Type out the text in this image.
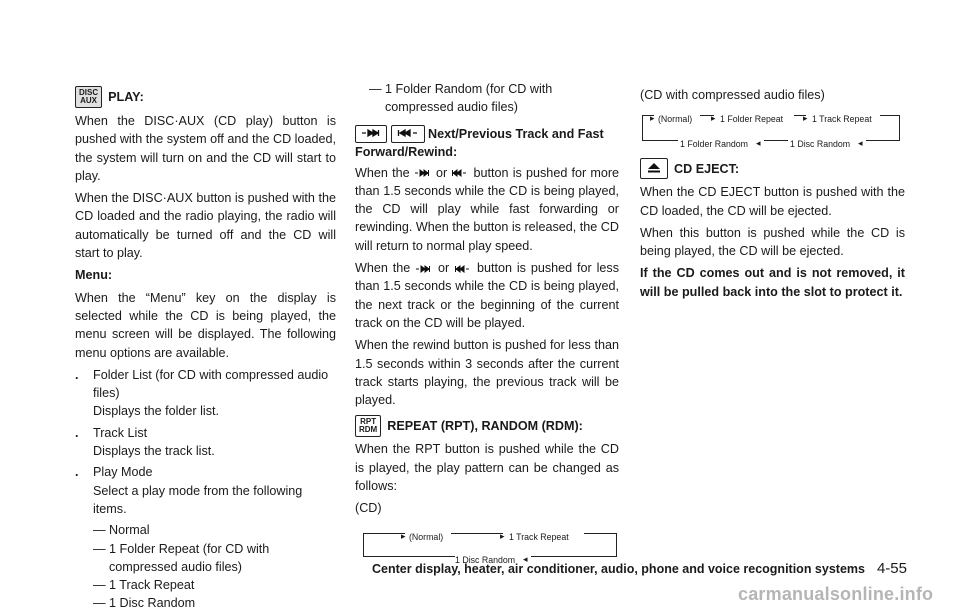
DISC
AUX PLAY:

When the DISC·AUX (CD play) button is pushed with the system off and the CD loaded, the system will turn on and the CD will start to play.

When the DISC·AUX button is pushed with the CD loaded and the radio playing, the radio will automatically be turned off and the CD will start to play.

Menu:

When the “Menu” key on the display is selected while the CD is being played, the menu screen will be displayed. The following menu options are available.

.	Folder List (for CD with compressed audio files)
Displays the folder list.
.	Track List
Displays the track list.
.	Play Mode
Select a play mode from the following items.
— Normal
— 1 Folder Repeat (for CD with compressed audio files)
— 1 Track Repeat
— 1 Disc Random
— 1 Folder Random (for CD with compressed audio files)
Next/Previous Track and Fast Forward/Rewind:

When the or button is pushed for more than 1.5 seconds while the CD is being played, the CD will play while fast forwarding or rewinding. When the button is released, the CD will return to normal play speed.

When the or button is pushed for less than 1.5 seconds while the CD is being played, the next track or the beginning of the current track on the CD will be played.

When the rewind button is pushed for less than 1.5 seconds within 3 seconds after the current track starts playing, the previous track will be played.

RPT
RDM REPEAT (RPT), RANDOM (RDM):

When the RPT button is pushed while the CD is played, the play pattern can be changed as follows:

(CD)

▸ (Normal)	▸ 1 Track Repeat
1 Disc Random ◂

(CD with compressed audio files)

▸ (Normal) ▸ 1 Folder Repeat ▸ 1 Track Repeat
1 Folder Random ◂	1 Disc Random ◂
CD EJECT:

When the CD EJECT button is pushed with the CD loaded, the CD will be ejected.

When this button is pushed while the CD is being played, the CD will be ejected.

If the CD comes out and is not removed, it will be pulled back into the slot to protect it.

Center display, heater, air conditioner, audio, phone and voice recognition systems 4-55
carmanualsonline.info
